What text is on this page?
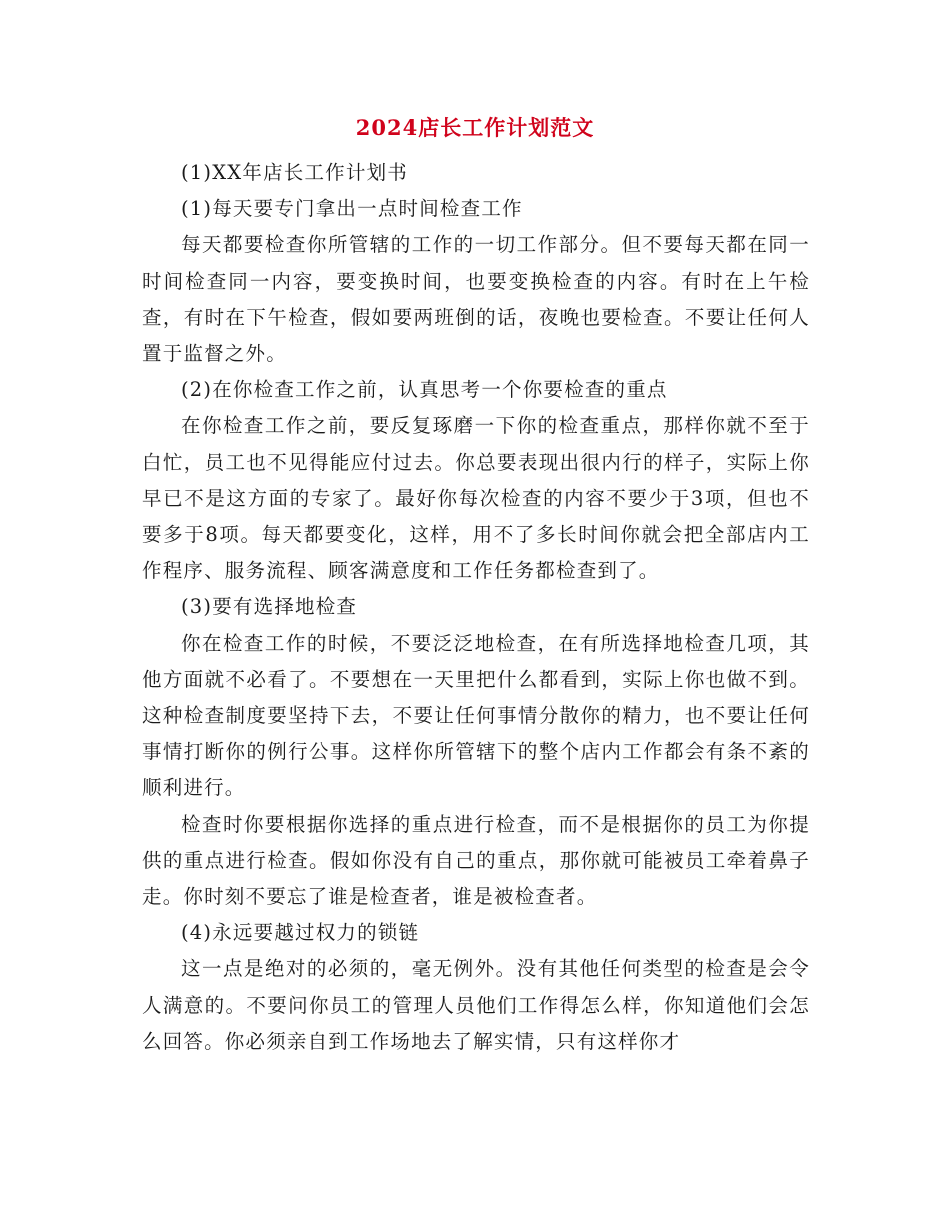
2024店长工作计划范文

(1)XX年店长工作计划书

(1)每天要专门拿出一点时间检查工作

每天都要检查你所管辖的工作的一切工作部分。但不要每天都在同一时间检查同一内容，要变换时间，也要变换检查的内容。有时在上午检查，有时在下午检查，假如要两班倒的话，夜晚也要检查。不要让任何人置于监督之外。

(2)在你检查工作之前，认真思考一个你要检查的重点

在你检查工作之前，要反复琢磨一下你的检查重点，那样你就不至于白忙，员工也不见得能应付过去。你总要表现出很内行的样子，实际上你早已不是这方面的专家了。最好你每次检查的内容不要少于3项，但也不要多于8项。每天都要变化，这样，用不了多长时间你就会把全部店内工作程序、服务流程、顾客满意度和工作任务都检查到了。

(3)要有选择地检查

你在检查工作的时候，不要泛泛地检查，在有所选择地检查几项，其他方面就不必看了。不要想在一天里把什么都看到，实际上你也做不到。这种检查制度要坚持下去，不要让任何事情分散你的精力，也不要让任何事情打断你的例行公事。这样你所管辖下的整个店内工作都会有条不紊的顺利进行。

检查时你要根据你选择的重点进行检查，而不是根据你的员工为你提供的重点进行检查。假如你没有自己的重点，那你就可能被员工牵着鼻子走。你时刻不要忘了谁是检查者，谁是被检查者。

(4)永远要越过权力的锁链

这一点是绝对的必须的，毫无例外。没有其他任何类型的检查是会令人满意的。不要问你员工的管理人员他们工作得怎么样，你知道他们会怎么回答。你必须亲自到工作场地去了解实情，只有这样你才
